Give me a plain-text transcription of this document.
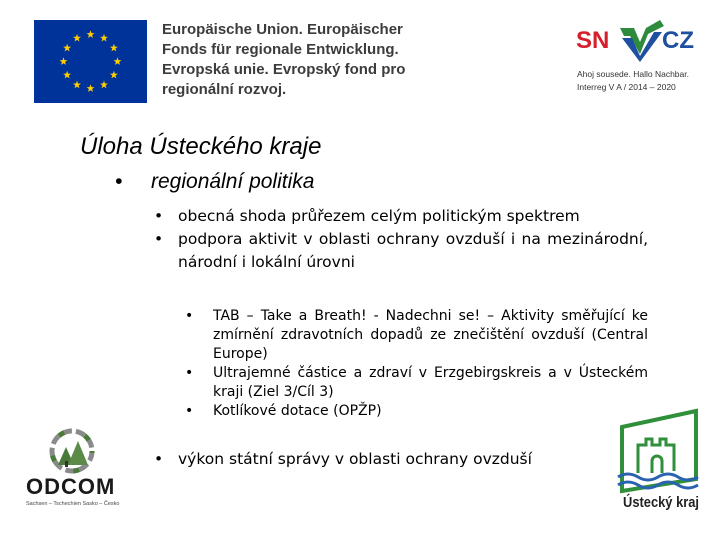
Europäische Union. Europäischer
Fonds für regionale Entwicklung.
Evropská unie. Evropský fond pro
regionální rozvoj.
SN CZ
Ahoj sousede. Hallo Nachbar.
Interreg V A / 2014 – 2020
Úloha Ústeckého kraje
• regionální politika
• obecná shoda průřezem celým politickým spektrem
• podpora aktivit v oblasti ochrany ovzduší i na mezinárodní, národní i lokální úrovni
• TAB – Take a Breath! - Nadechni se! – Aktivity směřující ke zmírnění zdravotních dopadů ze znečištění ovzduší (Central Europe)
• Ultrajemné částice a zdraví v Erzgebirgskreis a v Ústeckém kraji (Ziel 3/Cíl 3)
• Kotlíkové dotace (OPŽP)
• výkon státní správy v oblasti ochrany ovzduší
ODCOM
Sachsen – Tschechien Sasko – Česko	Ústecký kraj
